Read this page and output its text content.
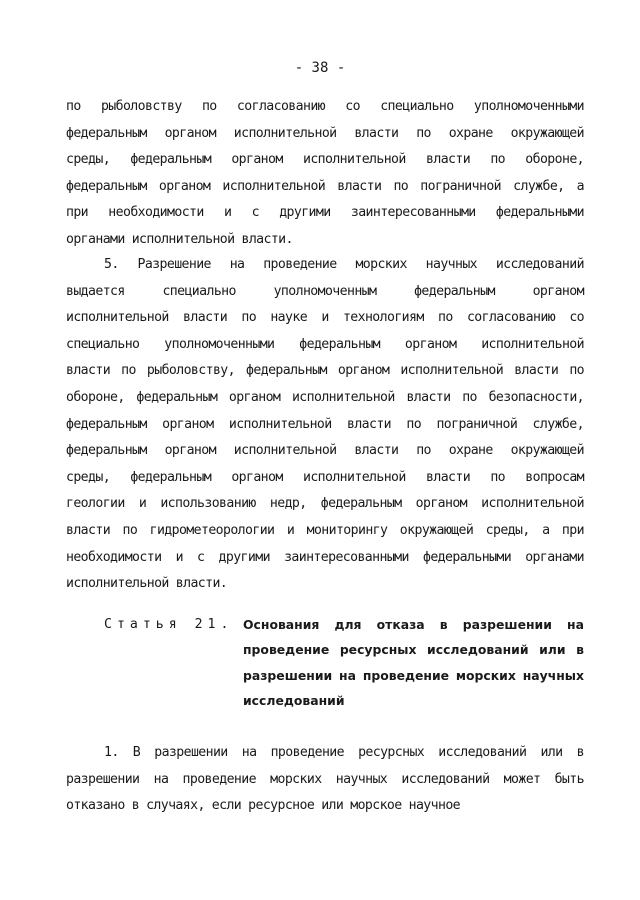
- 38 -
по рыболовству по согласованию со специально уполномоченными
федеральным органом исполнительной власти по охране окружающей
среды, федеральным органом исполнительной власти по обороне,
федеральным органом исполнительной власти по пограничной службе, а
при необходимости и с другими заинтересованными федеральными
органами исполнительной власти.
5. Разрешение на проведение морских научных исследований
выдается	специально	уполномоченным	федеральным	органом
исполнительной власти по науке и технологиям по согласованию со
специально уполномоченными федеральным органом исполнительной
власти по рыболовству, федеральным органом исполнительной власти по
обороне, федеральным органом исполнительной власти по безопасности,
федеральным органом исполнительной власти по пограничной службе,
федеральным органом исполнительной власти по охране окружающей
среды, федеральным органом исполнительной власти по вопросам
геологии и использованию недр, федеральным органом исполнительной
власти по гидрометеорологии и мониторингу окружающей среды, а при
необходимости и с другими заинтересованными федеральными органами
исполнительной власти.
Статья 21. Основания для отказа в разрешении на
проведение ресурсных исследований или в
разрешении на проведение морских научных
исследований
1. В разрешении на проведение ресурсных исследований или в
разрешении на проведение морских научных исследований может быть
отказано в случаях, если ресурсное или морское научное
